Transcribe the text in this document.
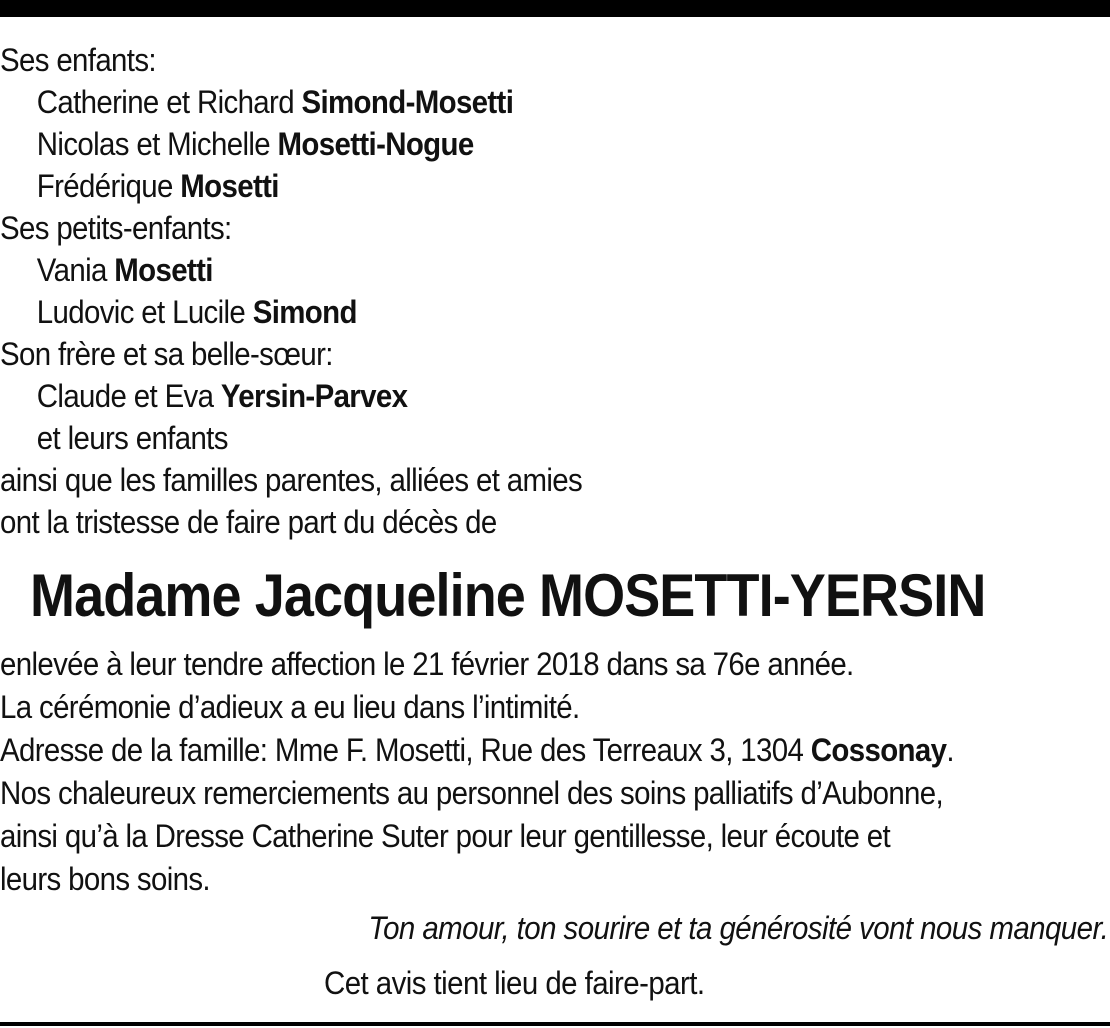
Ses enfants:
Catherine et Richard Simond-Mosetti
Nicolas et Michelle Mosetti-Nogue
Frédérique Mosetti
Ses petits-enfants:
Vania Mosetti
Ludovic et Lucile Simond
Son frère et sa belle-sœur:
Claude et Eva Yersin-Parvex
et leurs enfants
ainsi que les familles parentes, alliées et amies
ont la tristesse de faire part du décès de
Madame Jacqueline MOSETTI-YERSIN
enlevée à leur tendre affection le 21 février 2018 dans sa 76e année.
La cérémonie d’adieux a eu lieu dans l’intimité.
Adresse de la famille: Mme F. Mosetti, Rue des Terreaux 3, 1304 Cossonay.
Nos chaleureux remerciements au personnel des soins palliatifs d’Aubonne,
ainsi qu’à la Dresse Catherine Suter pour leur gentillesse, leur écoute et
leurs bons soins.
Ton amour, ton sourire et ta générosité vont nous manquer.
Cet avis tient lieu de faire-part.
